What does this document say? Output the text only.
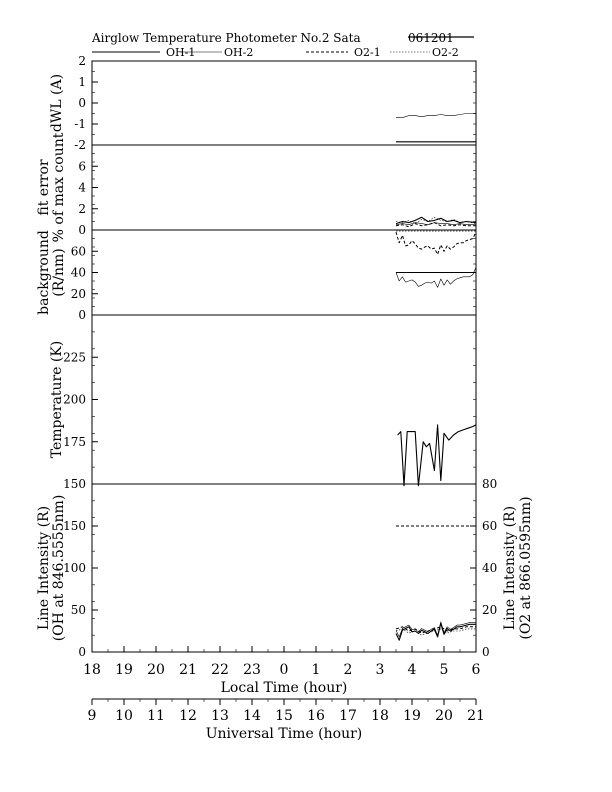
Airglow Temperature Photometer No.2 Sata	061201
OH-1	OH-2	O2-1	O2-2
2
1
0
-1
-2
dWL (A)
6
4
2
0
fit error % of max count
60
40
20
0
background (R/nm)
225
200
175
150
Temperature (K)
150
100
50
0
80
60
40
20
0
Line Intensity (R) (OH at 846.5555nm)	Line Intensity (R) (O2 at 866.0595nm)
18
9
19
10
20
11
21
12
22
13
23
14
0
15
1
16
2
17
3
18
4
19
5
20
6
21
Local Time (hour)
Universal Time (hour)
